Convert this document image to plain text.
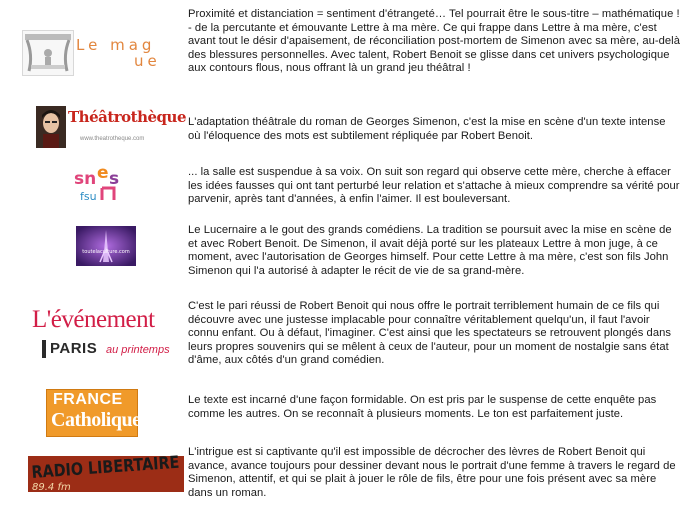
Le mag
ue

Proximité et distanciation = sentiment d'étrangeté… Tel pourrait être le sous-titre – mathématique ! - de la percutante et émouvante Lettre à ma mère. Ce qui frappe dans Lettre à ma mère, c'est avant tout le désir d'apaisement, de réconciliation post-mortem de Simenon avec sa mère, au-delà des blessures personnelles. Avec talent, Robert Benoit se glisse dans cet univers psychologique aux contours flous, nous offrant là un grand jeu théâtral !

Théâtrothèque
www.theatrotheque.com

L'adaptation théâtrale du roman de Georges Simenon, c'est la mise en scène d'un texte intense où l'éloquence des mots est subtilement répliquée par Robert Benoit.

sn e s
fsu

... la salle est suspendue à sa voix. On suit son regard qui observe cette mère, cherche à effacer les idées fausses qui ont tant perturbé leur relation et s'attache à mieux comprendre sa vérité pour parvenir, après tant d'années, à enfin l'aimer. Il est bouleversant.

toutelaculture.com

Le Lucernaire a le gout des grands comédiens. La tradition se poursuit avec la mise en scène de et avec Robert Benoit. De Simenon, il avait déjà porté sur les plateaux Lettre à mon juge, à ce moment, avec l'autorisation de Georges himself. Pour cette Lettre à ma mère, c'est son fils John Simenon qui l'a autorisé à adapter le récit de vie de sa grand-mère.

L'événement
PARIS au printemps

C'est le pari réussi de Robert Benoit qui nous offre le portrait terriblement humain de ce fils qui découvre avec une justesse implacable pour connaître véritablement quelqu'un, il faut l'avoir connu enfant. Ou à défaut, l'imaginer. C'est ainsi que les spectateurs se retrouvent plongés dans leurs propres souvenirs qui se mêlent à ceux de l'auteur, pour un moment de nostalgie sans état d'âme, aux côtés d'un grand comédien.

FRANCE
Catholique

Le texte est incarné d'une façon formidable. On est pris par le suspense de cette enquête pas comme les autres. On se reconnaît à plusieurs moments. Le ton est parfaitement juste.

RADIO LIBERTAIRE
89.4 fm

L'intrigue est si captivante qu'il est impossible de décrocher des lèvres de Robert Benoit qui avance, avance toujours pour dessiner devant nous le portrait d'une femme à travers le regard de Simenon, attentif, et qui se plait à jouer le rôle de fils, être pour une fois présent avec sa mère dans un roman.
